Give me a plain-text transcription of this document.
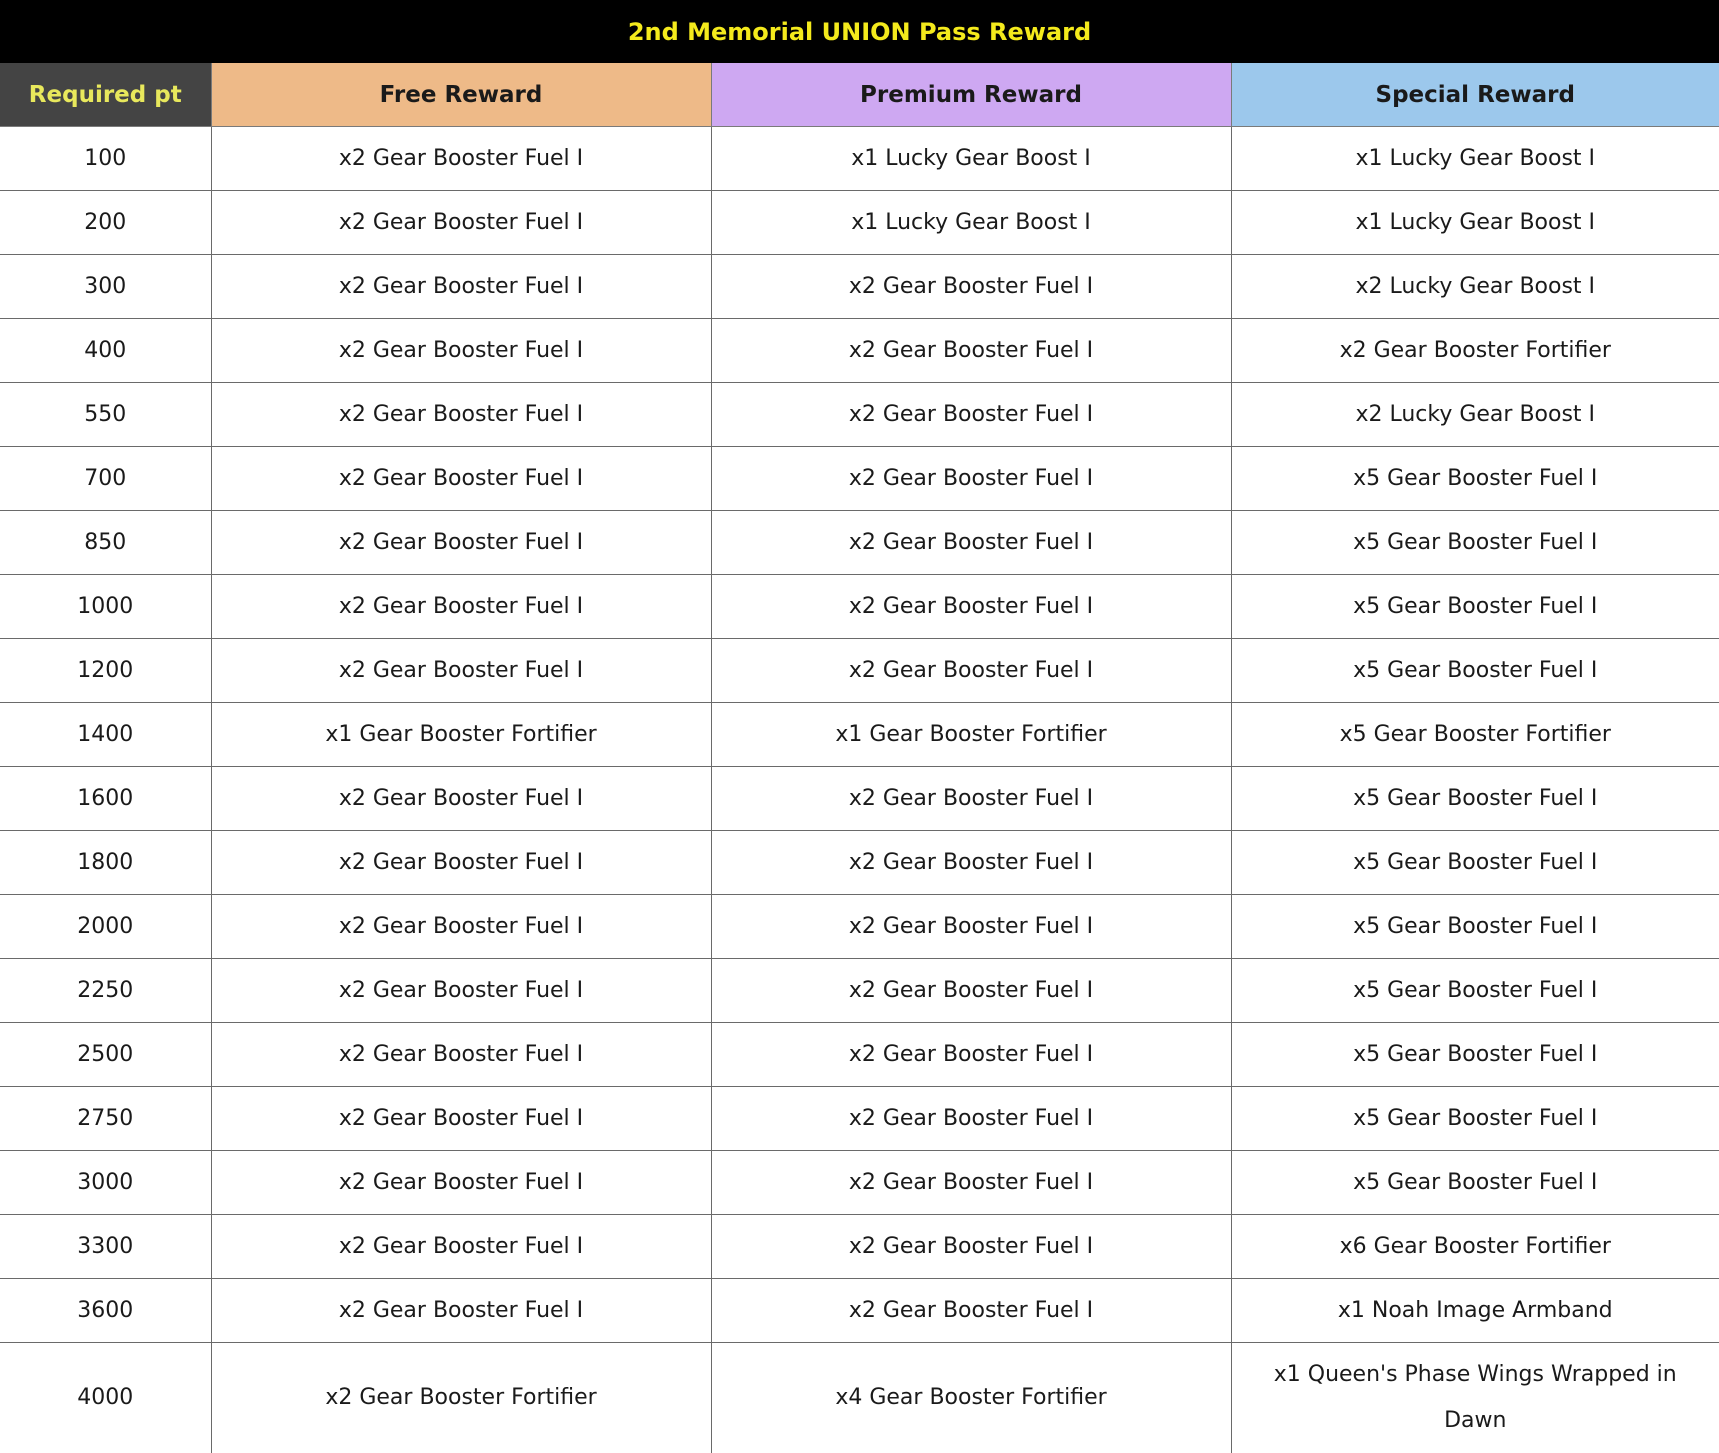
2nd Memorial UNION Pass Reward
Required pt	Free Reward	Premium Reward	Special Reward
100	x2 Gear Booster Fuel I	x1 Lucky Gear Boost I	x1 Lucky Gear Boost I
200	x2 Gear Booster Fuel I	x1 Lucky Gear Boost I	x1 Lucky Gear Boost I
300	x2 Gear Booster Fuel I	x2 Gear Booster Fuel I	x2 Lucky Gear Boost I
400	x2 Gear Booster Fuel I	x2 Gear Booster Fuel I	x2 Gear Booster Fortifier
550	x2 Gear Booster Fuel I	x2 Gear Booster Fuel I	x2 Lucky Gear Boost I
700	x2 Gear Booster Fuel I	x2 Gear Booster Fuel I	x5 Gear Booster Fuel I
850	x2 Gear Booster Fuel I	x2 Gear Booster Fuel I	x5 Gear Booster Fuel I
1000	x2 Gear Booster Fuel I	x2 Gear Booster Fuel I	x5 Gear Booster Fuel I
1200	x2 Gear Booster Fuel I	x2 Gear Booster Fuel I	x5 Gear Booster Fuel I
1400	x1 Gear Booster Fortifier	x1 Gear Booster Fortifier	x5 Gear Booster Fortifier
1600	x2 Gear Booster Fuel I	x2 Gear Booster Fuel I	x5 Gear Booster Fuel I
1800	x2 Gear Booster Fuel I	x2 Gear Booster Fuel I	x5 Gear Booster Fuel I
2000	x2 Gear Booster Fuel I	x2 Gear Booster Fuel I	x5 Gear Booster Fuel I
2250	x2 Gear Booster Fuel I	x2 Gear Booster Fuel I	x5 Gear Booster Fuel I
2500	x2 Gear Booster Fuel I	x2 Gear Booster Fuel I	x5 Gear Booster Fuel I
2750	x2 Gear Booster Fuel I	x2 Gear Booster Fuel I	x5 Gear Booster Fuel I
3000	x2 Gear Booster Fuel I	x2 Gear Booster Fuel I	x5 Gear Booster Fuel I
3300	x2 Gear Booster Fuel I	x2 Gear Booster Fuel I	x6 Gear Booster Fortifier
3600	x2 Gear Booster Fuel I	x2 Gear Booster Fuel I	x1 Noah Image Armband
4000	x2 Gear Booster Fortifier	x4 Gear Booster Fortifier	x1 Queen's Phase Wings Wrapped in Dawn
